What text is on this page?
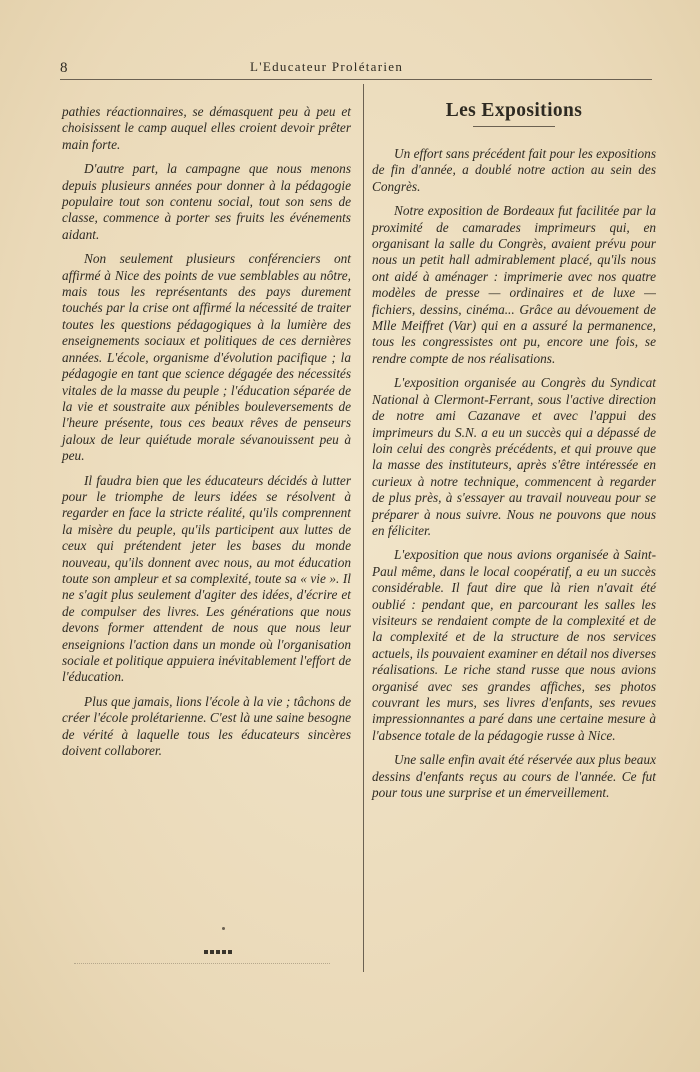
8	L'Educateur Prolétarien

pathies réactionnaires, se démasquent peu à peu et choisissent le camp auquel elles croient devoir prêter main forte.

D'autre part, la campagne que nous menons depuis plusieurs années pour donner à la pédagogie populaire tout son contenu social, tout son sens de classe, commence à porter ses fruits les événements aidant.

Non seulement plusieurs conférenciers ont affirmé à Nice des points de vue semblables au nôtre, mais tous les représentants des pays durement touchés par la crise ont affirmé la nécessité de traiter toutes les questions pédagogiques à la lumière des enseignements sociaux et politiques de ces dernières années. L'école, organisme d'évolution pacifique ; la pédagogie en tant que science dégagée des nécessités vitales de la masse du peuple ; l'éducation séparée de la vie et soustraite aux pénibles bouleversements de l'heure présente, tous ces beaux rêves de penseurs jaloux de leur quiétude morale sévanouissent peu à peu.

Il faudra bien que les éducateurs décidés à lutter pour le triomphe de leurs idées se résolvent à regarder en face la stricte réalité, qu'ils comprennent la misère du peuple, qu'ils participent aux luttes de ceux qui prétendent jeter les bases du monde nouveau, qu'ils donnent avec nous, au mot éducation toute son ampleur et sa complexité, toute sa « vie ». Il ne s'agit plus seulement d'agiter des idées, d'écrire et de compulser des livres. Les générations que nous devons former attendent de nous que nous leur enseignions l'action dans un monde où l'organisation sociale et politique appuiera inévitablement l'effort de l'éducation.

Plus que jamais, lions l'école à la vie ; tâchons de créer l'école prolétarienne. C'est là une saine besogne de vérité à laquelle tous les éducateurs sincères doivent collaborer.

Les Expositions

Un effort sans précédent fait pour les expositions de fin d'année, a doublé notre action au sein des Congrès.

Notre exposition de Bordeaux fut facilitée par la proximité de camarades imprimeurs qui, en organisant la salle du Congrès, avaient prévu pour nous un petit hall admirablement placé, qu'ils nous ont aidé à aménager : imprimerie avec nos quatre modèles de presse — ordinaires et de luxe — fichiers, dessins, cinéma... Grâce au dévouement de Mlle Meiffret (Var) qui en a assuré la permanence, tous les congressistes ont pu, encore une fois, se rendre compte de nos réalisations.

L'exposition organisée au Congrès du Syndicat National à Clermont-Ferrant, sous l'active direction de notre ami Cazanave et avec l'appui des imprimeurs du S.N. a eu un succès qui a dépassé de loin celui des congrès précédents, et qui prouve que la masse des instituteurs, après s'être intéressée en curieux à notre technique, commencent à regarder de plus près, à s'essayer au travail nouveau pour se préparer à nous suivre. Nous ne pouvons que nous en féliciter.

L'exposition que nous avions organisée à Saint-Paul même, dans le local coopératif, a eu un succès considérable. Il faut dire que là rien n'avait été oublié : pendant que, en parcourant les salles les visiteurs se rendaient compte de la complexité et de la complexité et de la structure de nos services actuels, ils pouvaient examiner en détail nos diverses réalisations. Le riche stand russe que nous avions organisé avec ses grandes affiches, ses photos couvrant les murs, ses livres d'enfants, ses revues impressionnantes a paré dans une certaine mesure à l'absence totale de la pédagogie russe à Nice.

Une salle enfin avait été réservée aux plus beaux dessins d'enfants reçus au cours de l'année. Ce fut pour tous une surprise et un émerveillement.
